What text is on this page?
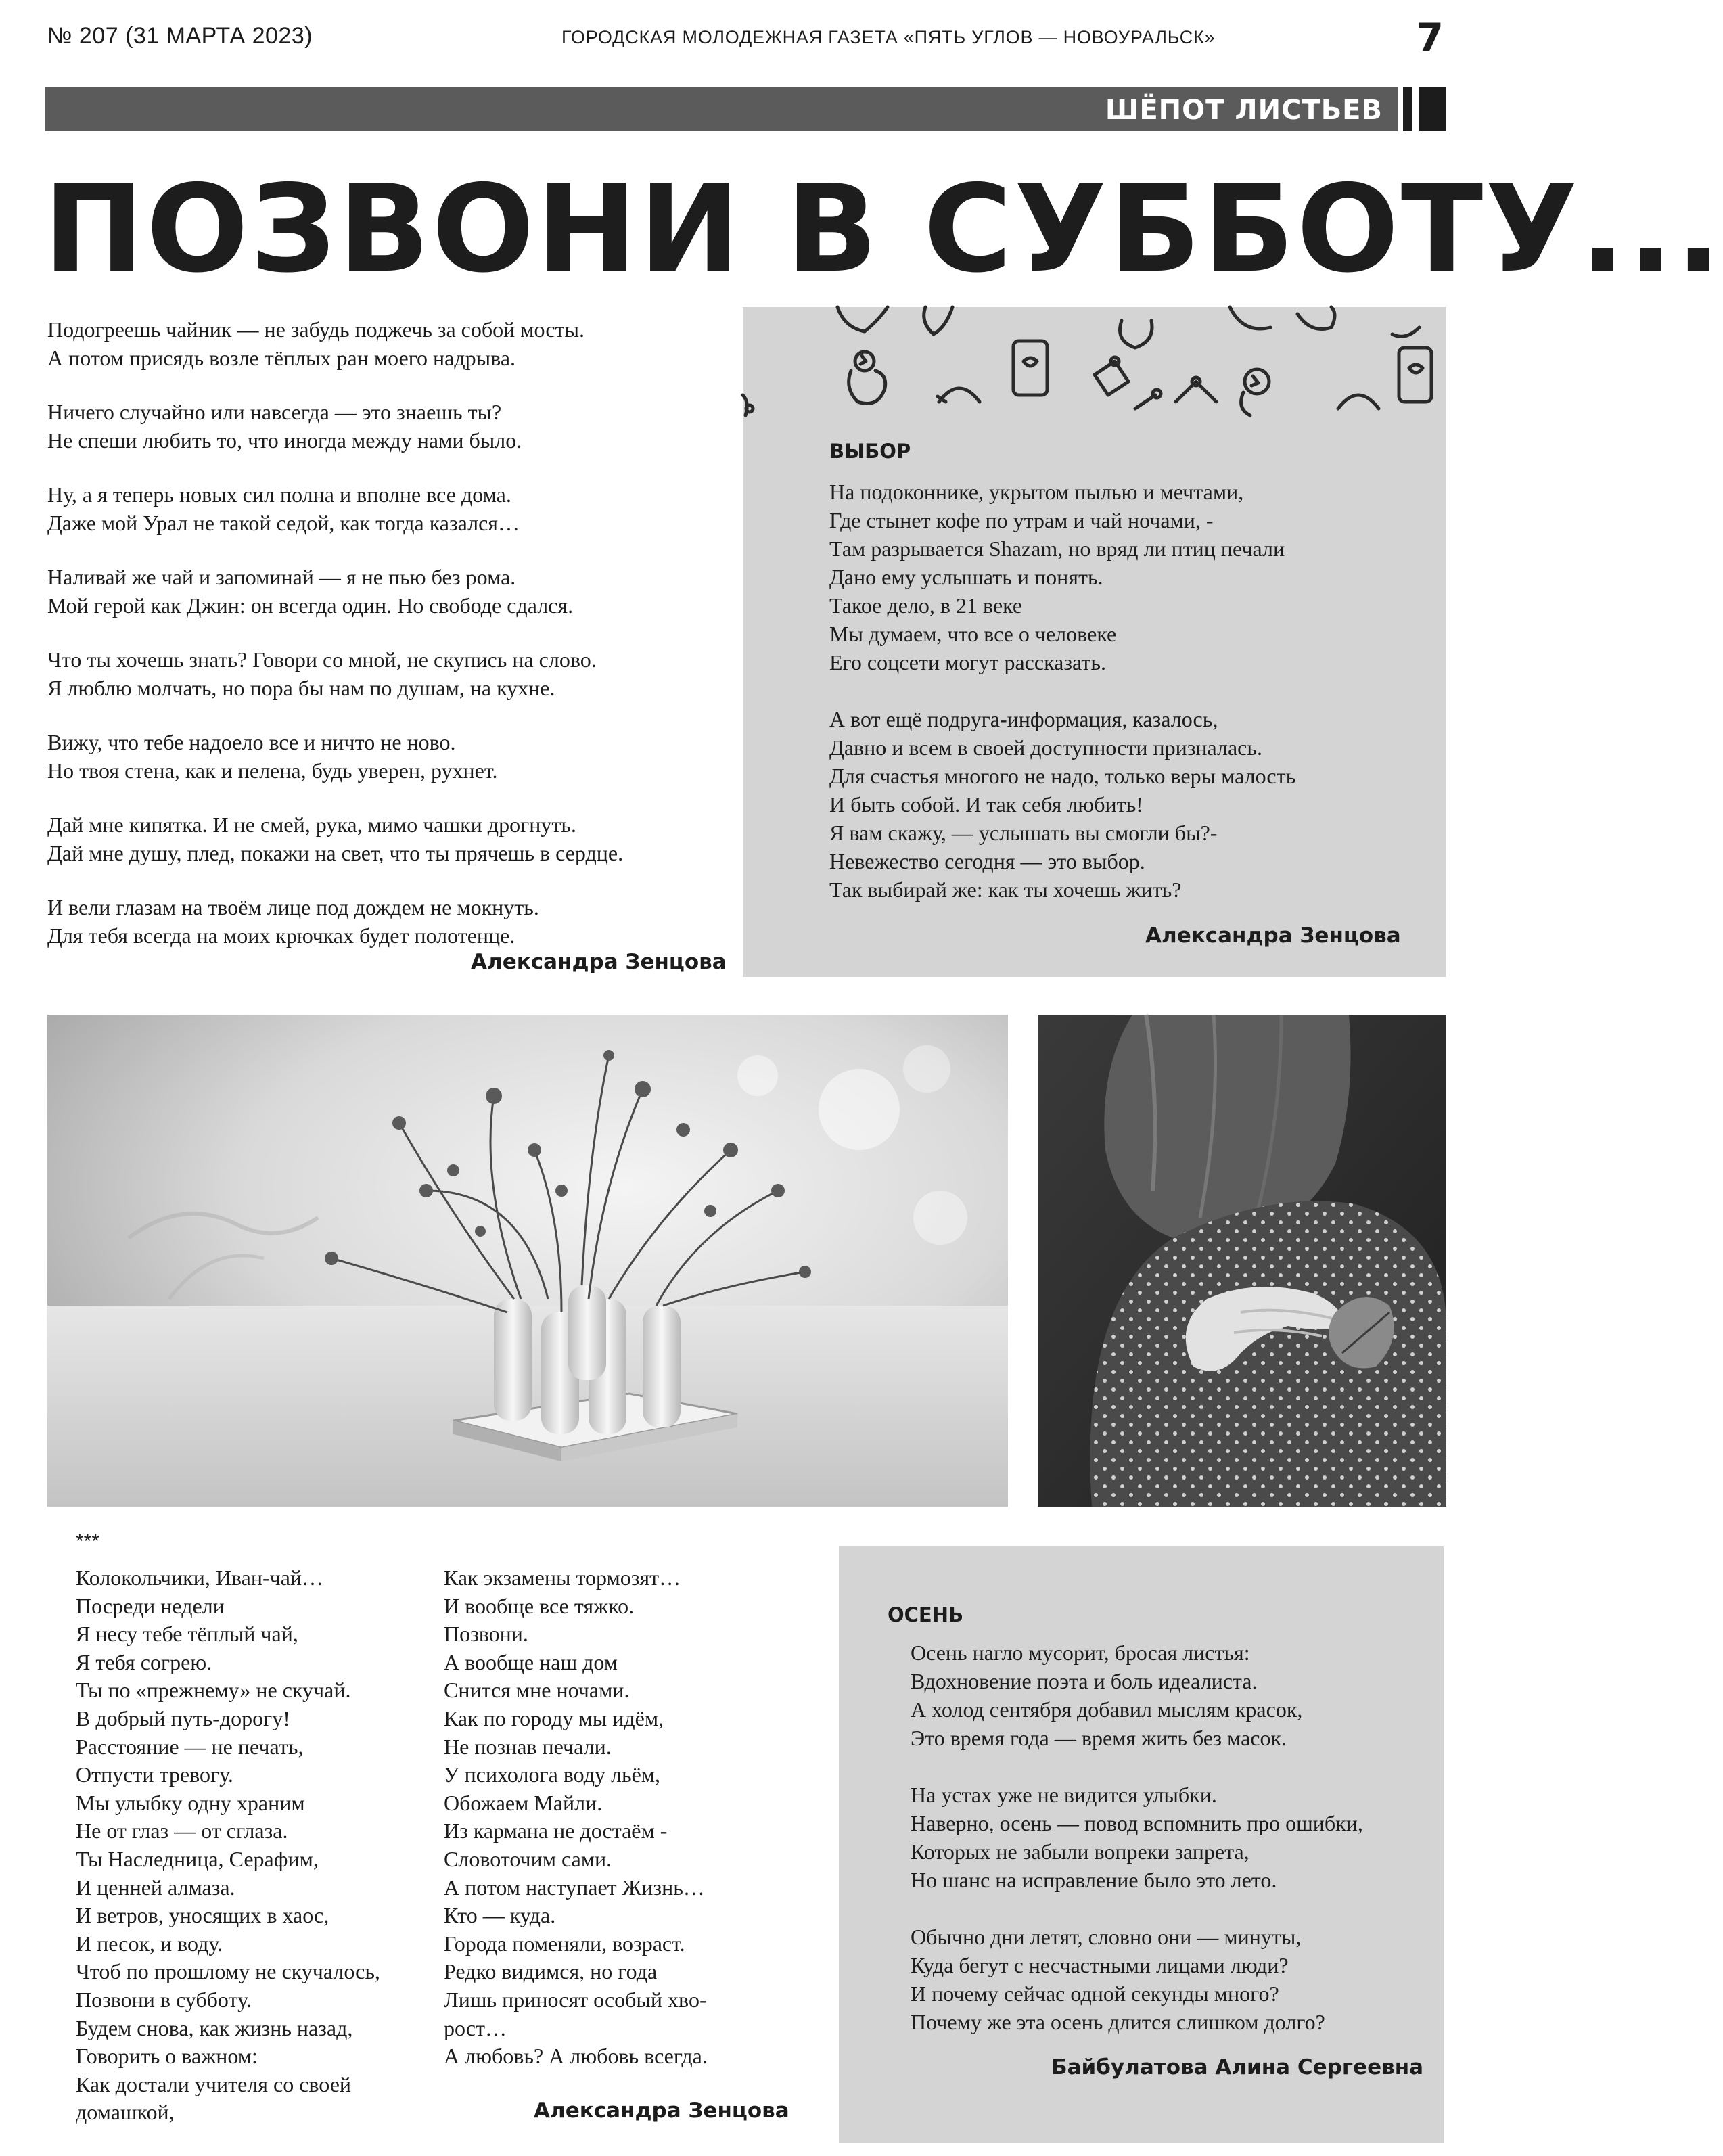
№ 207 (31 МАРТА 2023)	ГОРОДСКАЯ МОЛОДЕЖНАЯ ГАЗЕТА «ПЯТЬ УГЛОВ — НОВОУРАЛЬСК»	7
ШЁПОТ ЛИСТЬЕВ
ПОЗВОНИ В СУББОТУ...
Подогреешь чайник — не забудь поджечь за собой мосты.
А потом присядь возле тёплых ран моего надрыва.
Ничего случайно или навсегда — это знаешь ты?
Не спеши любить то, что иногда между нами было.
Ну, а я теперь новых сил полна и вполне все дома.
Даже мой Урал не такой седой, как тогда казался…
Наливай же чай и запоминай — я не пью без рома.
Мой герой как Джин: он всегда один. Но свободе сдался.
Что ты хочешь знать? Говори со мной, не скупись на слово.
Я люблю молчать, но пора бы нам по душам, на кухне.
Вижу, что тебе надоело все и ничто не ново.
Но твоя стена, как и пелена, будь уверен, рухнет.
Дай мне кипятка. И не смей, рука, мимо чашки дрогнуть.
Дай мне душу, плед, покажи на свет, что ты прячешь в сердце.
И вели глазам на твоём лице под дождем не мокнуть.
Для тебя всегда на моих крючках будет полотенце.
Александра Зенцова
ВЫБОР
На подоконнике, укрытом пылью и мечтами,
Где стынет кофе по утрам и чай ночами, -
Там разрывается Shazam, но вряд ли птиц печали
Дано ему услышать и понять.
Такое дело, в 21 веке
Мы думаем, что все о человеке
Его соцсети могут рассказать.
А вот ещё подруга-информация, казалось,
Давно и всем в своей доступности призналась.
Для счастья многого не надо, только веры малость
И быть собой. И так себя любить!
Я вам скажу, — услышать вы смогли бы?-
Невежество сегодня — это выбор.
Так выбирай же: как ты хочешь жить?
Александра Зенцова
***
Колокольчики, Иван-чай…
Посреди недели
Я несу тебе тёплый чай,
Я тебя согрею.
Ты по «прежнему» не скучай.
В добрый путь-дорогу!
Расстояние — не печать,
Отпусти тревогу.
Мы улыбку одну храним
Не от глаз — от сглаза.
Ты Наследница, Серафим,
И ценней алмаза.
И ветров, уносящих в хаос,
И песок, и воду.
Чтоб по прошлому не скучалось,
Позвони в субботу.
Будем снова, как жизнь назад,
Говорить о важном:
Как достали учителя со своей
домашкой,
Как экзамены тормозят…
И вообще все тяжко.
Позвони.
А вообще наш дом
Снится мне ночами.
Как по городу мы идём,
Не познав печали.
У психолога воду льём,
Обожаем Майли.
Из кармана не достаём -
Словоточим сами.
А потом наступает Жизнь…
Кто — куда.
Города поменяли, возраст.
Редко видимся, но года
Лишь приносят особый хво-
рост…
А любовь? А любовь всегда.
Александра Зенцова
ОСЕНЬ
Осень нагло мусорит, бросая листья:
Вдохновение поэта и боль идеалиста.
А холод сентября добавил мыслям красок,
Это время года — время жить без масок.
На устах уже не видится улыбки.
Наверно, осень — повод вспомнить про ошибки,
Которых не забыли вопреки запрета,
Но шанс на исправление было это лето.
Обычно дни летят, словно они — минуты,
Куда бегут с несчастными лицами люди?
И почему сейчас одной секунды много?
Почему же эта осень длится слишком долго?
Байбулатова Алина Сергеевна
